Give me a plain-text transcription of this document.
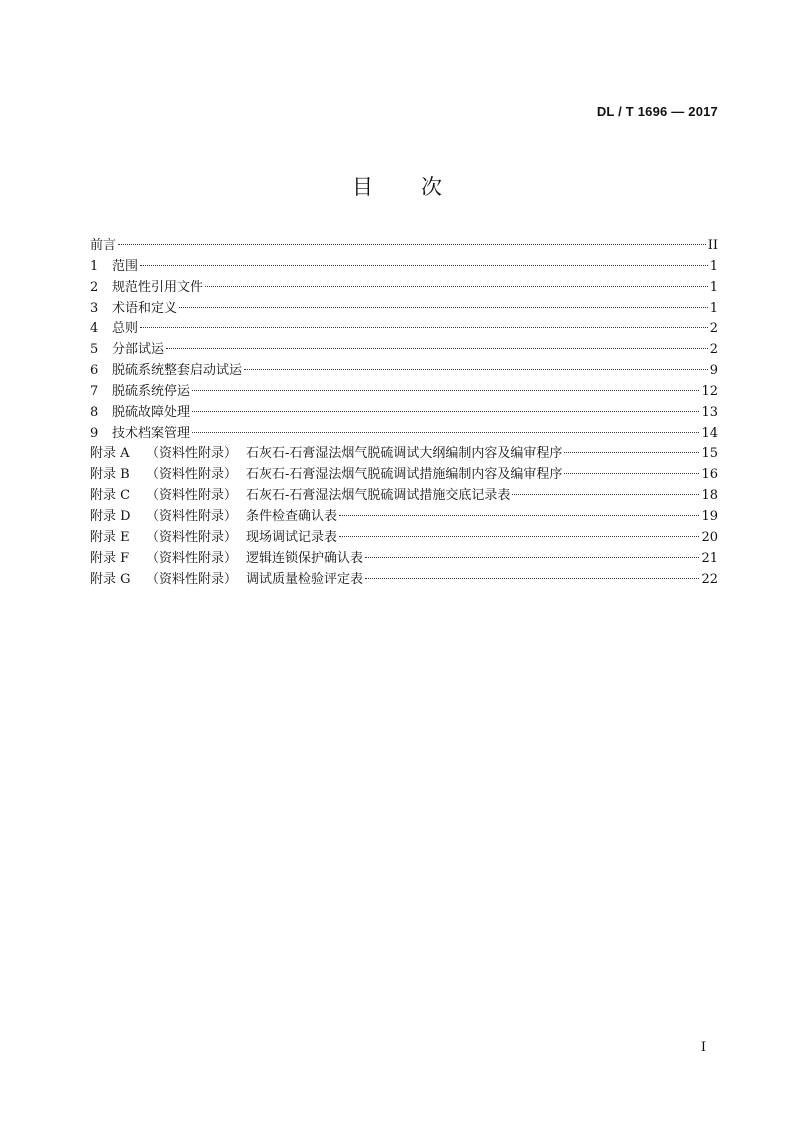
DL / T 1696 — 2017
目 次
前言	II
1	范围	1
2	规范性引用文件	1
3	术语和定义	1
4	总则	2
5	分部试运	2
6	脱硫系统整套启动试运	9
7	脱硫系统停运	12
8	脱硫故障处理	13
9	技术档案管理	14
附录 A	（资料性附录） 石灰石-石膏湿法烟气脱硫调试大纲编制内容及编审程序	15
附录 B	（资料性附录） 石灰石-石膏湿法烟气脱硫调试措施编制内容及编审程序	16
附录 C	（资料性附录） 石灰石-石膏湿法烟气脱硫调试措施交底记录表	18
附录 D	（资料性附录） 条件检查确认表	19
附录 E	（资料性附录） 现场调试记录表	20
附录 F	（资料性附录） 逻辑连锁保护确认表	21
附录 G	（资料性附录） 调试质量检验评定表	22
I
